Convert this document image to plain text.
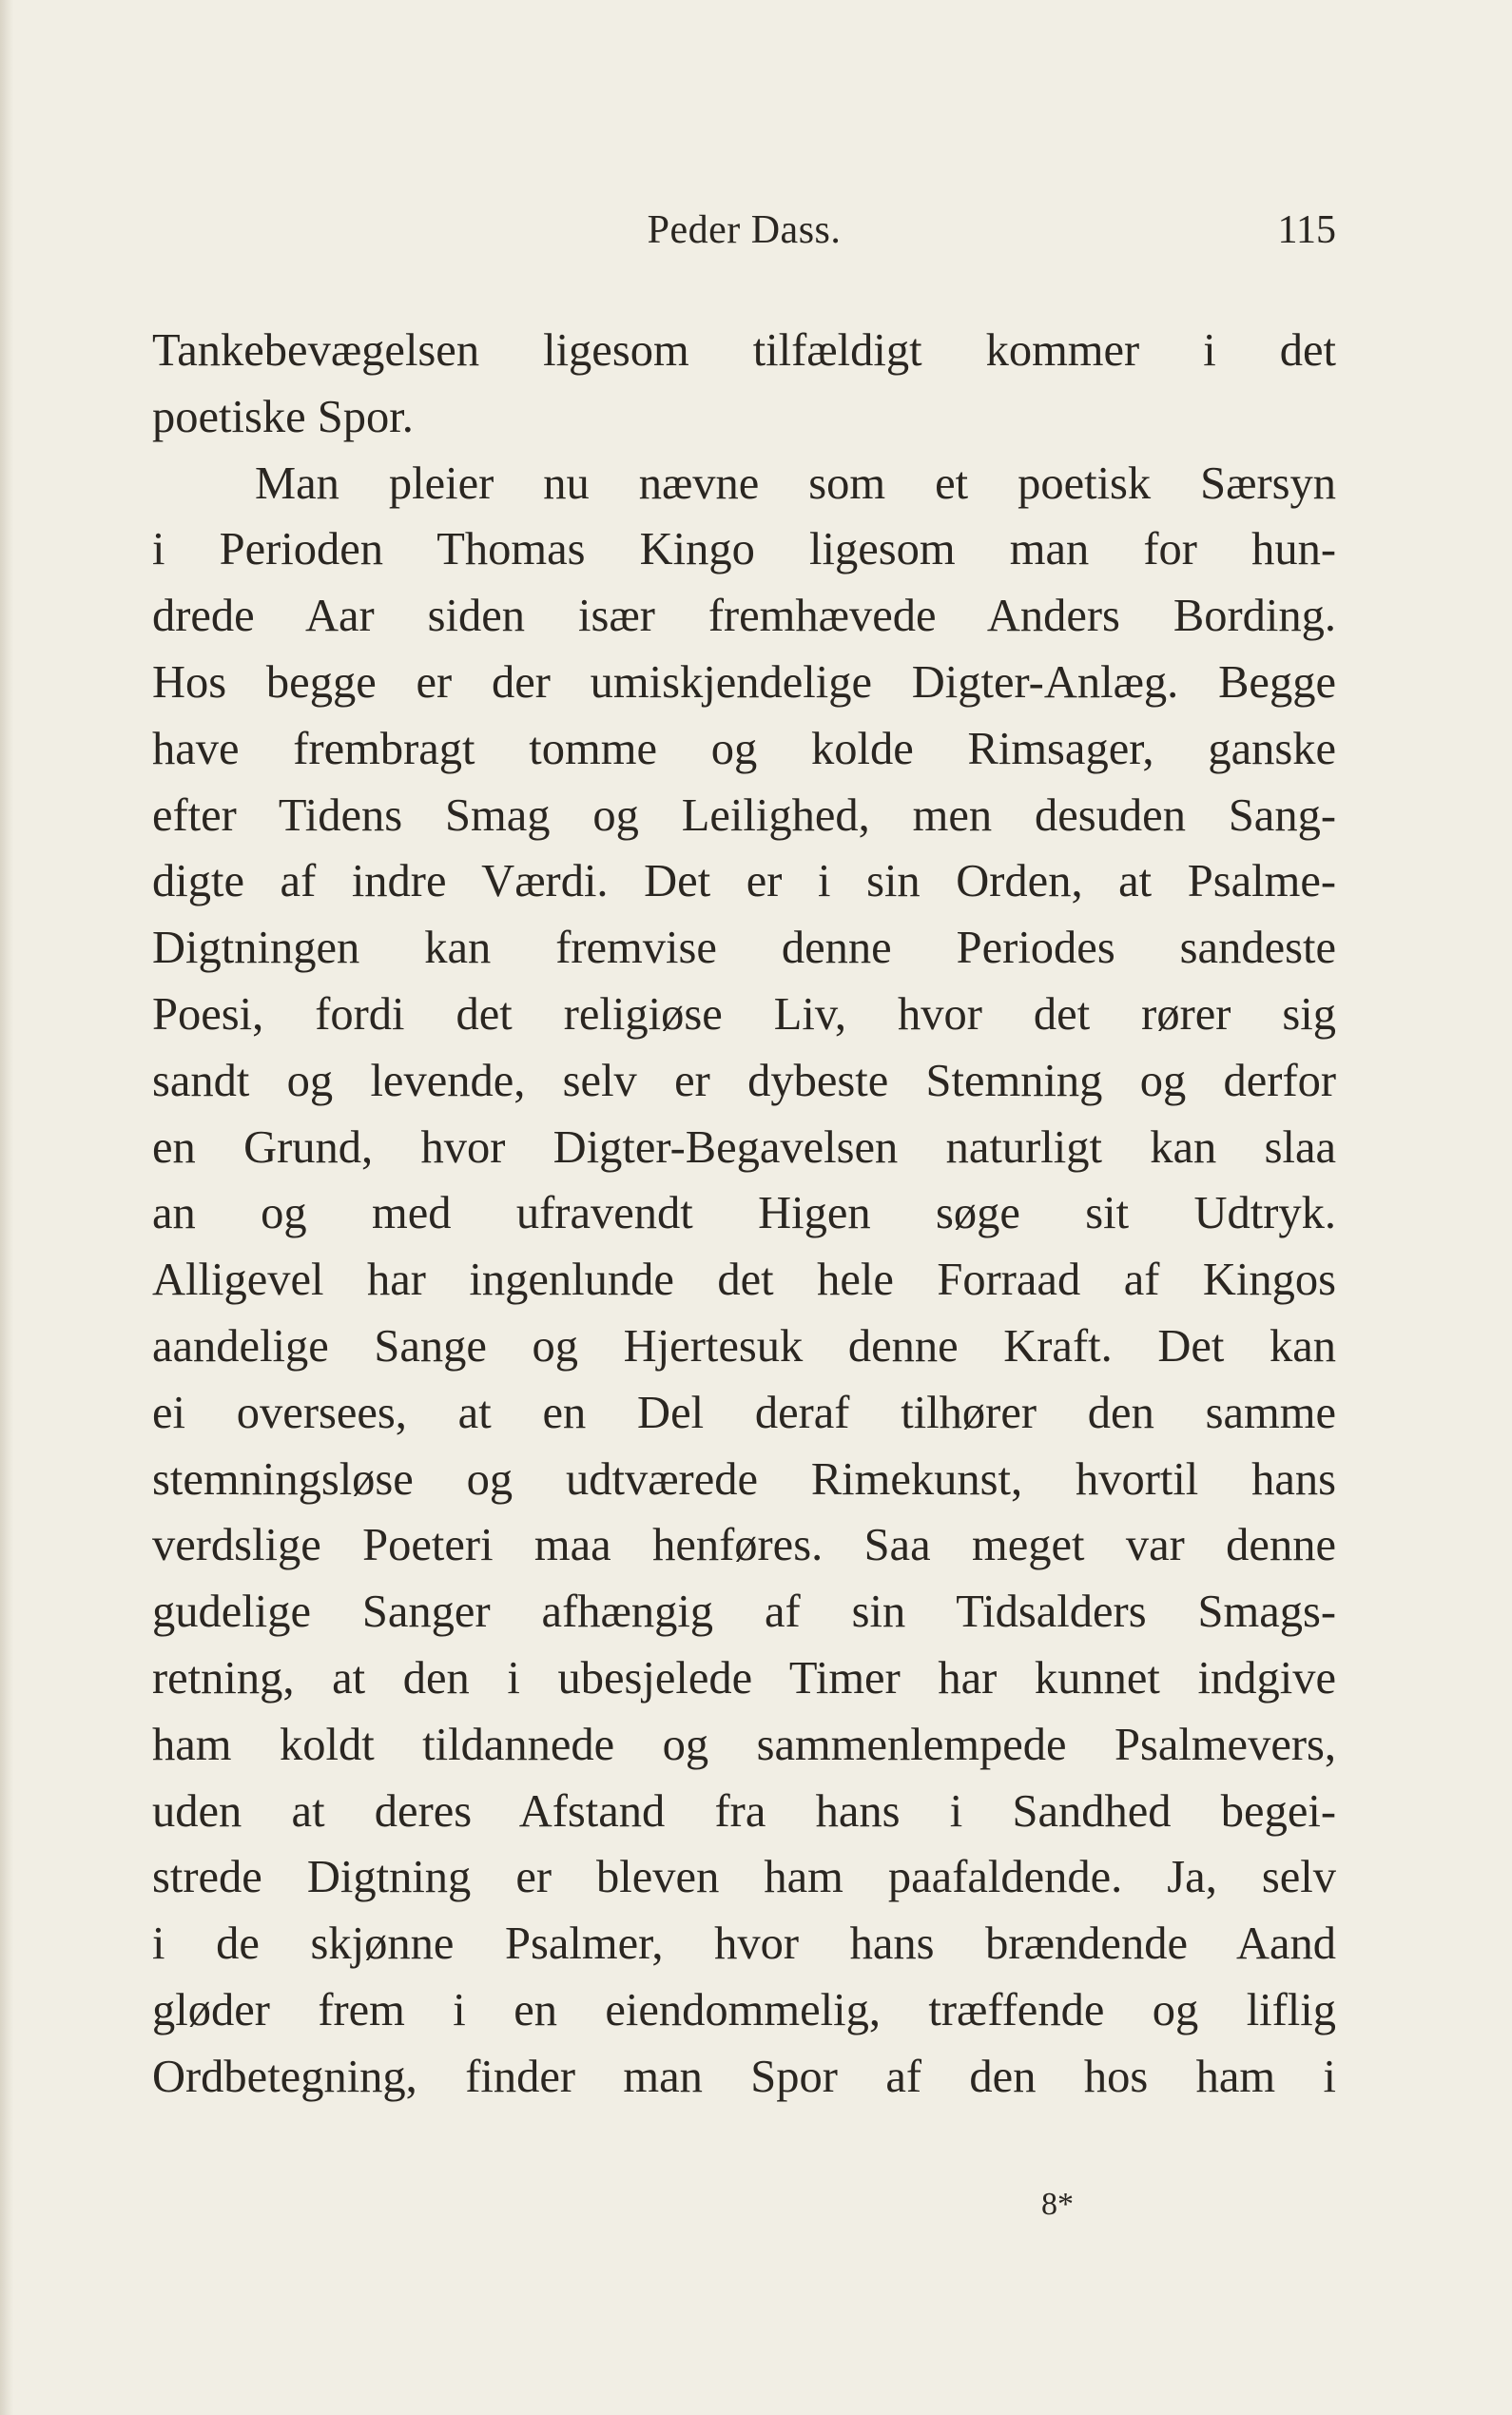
Peder Dass.	115
Tankebevægelsen ligesom tilfældigt kommer i det
poetiske Spor.
Man pleier nu nævne som et poetisk Særsyn
i Perioden Thomas Kingo ligesom man for hun-
drede Aar siden især fremhævede Anders Bording.
Hos begge er der umiskjendelige Digter-Anlæg. Begge
have frembragt tomme og kolde Rimsager, ganske
efter Tidens Smag og Leilighed, men desuden Sang-
digte af indre Værdi. Det er i sin Orden, at Psalme-
Digtningen kan fremvise denne Periodes sandeste
Poesi, fordi det religiøse Liv, hvor det rører sig
sandt og levende, selv er dybeste Stemning og derfor
en Grund, hvor Digter-Begavelsen naturligt kan slaa
an og med ufravendt Higen søge sit Udtryk.
Alligevel har ingenlunde det hele Forraad af Kingos
aandelige Sange og Hjertesuk denne Kraft. Det kan
ei oversees, at en Del deraf tilhører den samme
stemningsløse og udtværede Rimekunst, hvortil hans
verdslige Poeteri maa henføres. Saa meget var denne
gudelige Sanger afhængig af sin Tidsalders Smags-
retning, at den i ubesjelede Timer har kunnet indgive
ham koldt tildannede og sammenlempede Psalmevers,
uden at deres Afstand fra hans i Sandhed begei-
strede Digtning er bleven ham paafaldende. Ja, selv
i de skjønne Psalmer, hvor hans brændende Aand
gløder frem i en eiendommelig, træffende og liflig
Ordbetegning, finder man Spor af den hos ham i
8*
